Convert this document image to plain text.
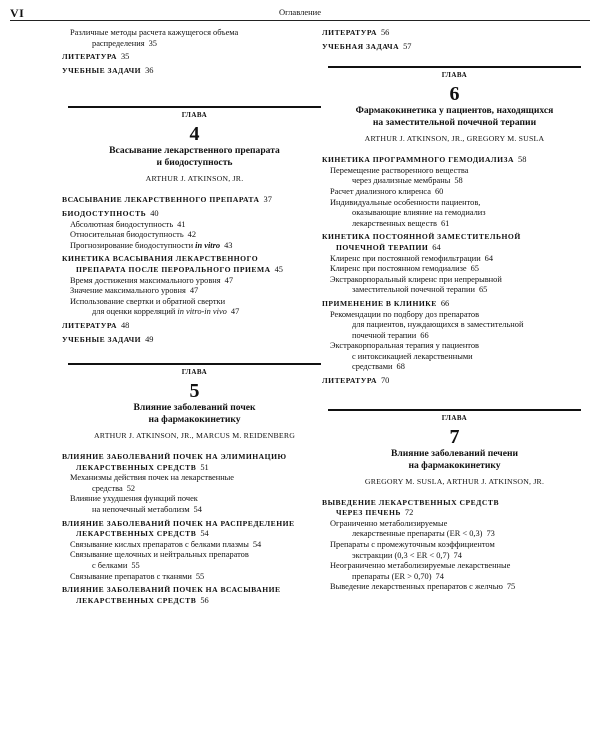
VI	Оглавление
Различные методы расчета кажущегося объема
распределения 35
ЛИТЕРАТУРА 35
УЧЕБНЫЕ ЗАДАЧИ 36
ГЛАВА
4
Всасывание лекарственного препарата
и биодоступность
ARTHUR J. ATKINSON, JR.
ВСАСЫВАНИЕ ЛЕКАРСТВЕННОГО ПРЕПАРАТА 37
БИОДОСТУПНОСТЬ 40
Абсолютная биодоступность 41
Относительная биодоступность 42
Прогнозирование биодоступности in vitro 43
КИНЕТИКА ВСАСЫВАНИЯ ЛЕКАРСТВЕННОГО
ПРЕПАРАТА ПОСЛЕ ПЕРОРАЛЬНОГО ПРИЕМА 45
Время достижения максимального уровня 47
Значение максимального уровня 47
Использование свертки и обратной свертки
для оценки корреляций in vitro-in vivo 47
ЛИТЕРАТУРА 48
УЧЕБНЫЕ ЗАДАЧИ 49
ГЛАВА
5
Влияние заболеваний почек
на фармакокинетику
ARTHUR J. ATKINSON, JR., MARCUS M. REIDENBERG
ВЛИЯНИЕ ЗАБОЛЕВАНИЙ ПОЧЕК НА ЭЛИМИНАЦИЮ
ЛЕКАРСТВЕННЫХ СРЕДСТВ 51
Механизмы действия почек на лекарственные
средства 52
Влияние ухудшения функций почек
на непочечный метаболизм 54
ВЛИЯНИЕ ЗАБОЛЕВАНИЙ ПОЧЕК НА РАСПРЕДЕЛЕНИЕ
ЛЕКАРСТВЕННЫХ СРЕДСТВ 54
Связывание кислых препаратов с белками плазмы 54
Связывание щелочных и нейтральных препаратов
с белками 55
Связывание препаратов с тканями 55
ВЛИЯНИЕ ЗАБОЛЕВАНИЙ ПОЧЕК НА ВСАСЫВАНИЕ
ЛЕКАРСТВЕННЫХ СРЕДСТВ 56
ЛИТЕРАТУРА 56
УЧЕБНАЯ ЗАДАЧА 57
ГЛАВА
6
Фармакокинетика у пациентов, находящихся
на заместительной почечной терапии
ARTHUR J. ATKINSON, JR., GREGORY M. SUSLA
КИНЕТИКА ПРОГРАММНОГО ГЕМОДИАЛИЗА 58
Перемещение растворенного вещества
через диализные мембраны 58
Расчет диализного клиренса 60
Индивидуальные особенности пациентов,
оказывающие влияние на гемодиализ
лекарственных веществ 61
КИНЕТИКА ПОСТОЯННОЙ ЗАМЕСТИТЕЛЬНОЙ
ПОЧЕЧНОЙ ТЕРАПИИ 64
Клиренс при постоянной гемофильтрации 64
Клиренс при постоянном гемодиализе 65
Экстракорпоральный клиренс при непрерывной
заместительной почечной терапии 65
ПРИМЕНЕНИЕ В КЛИНИКЕ 66
Рекомендации по подбору доз препаратов
для пациентов, нуждающихся в заместительной
почечной терапии 66
Экстракорпоральная терапия у пациентов
с интоксикацией лекарственными
средствами 68
ЛИТЕРАТУРА 70
ГЛАВА
7
Влияние заболеваний печени
на фармакокинетику
GREGORY M. SUSLA, ARTHUR J. ATKINSON, JR.
ВЫВЕДЕНИЕ ЛЕКАРСТВЕННЫХ СРЕДСТВ
ЧЕРЕЗ ПЕЧЕНЬ 72
Ограниченно метаболизируемые
лекарственные препараты (ER < 0,3) 73
Препараты с промежуточным коэффициентом
экстракции (0,3 < ER < 0,7) 74
Неограниченно метаболизируемые лекарственные
препараты (ER > 0,70) 74
Выведение лекарственных препаратов с желчью 75
